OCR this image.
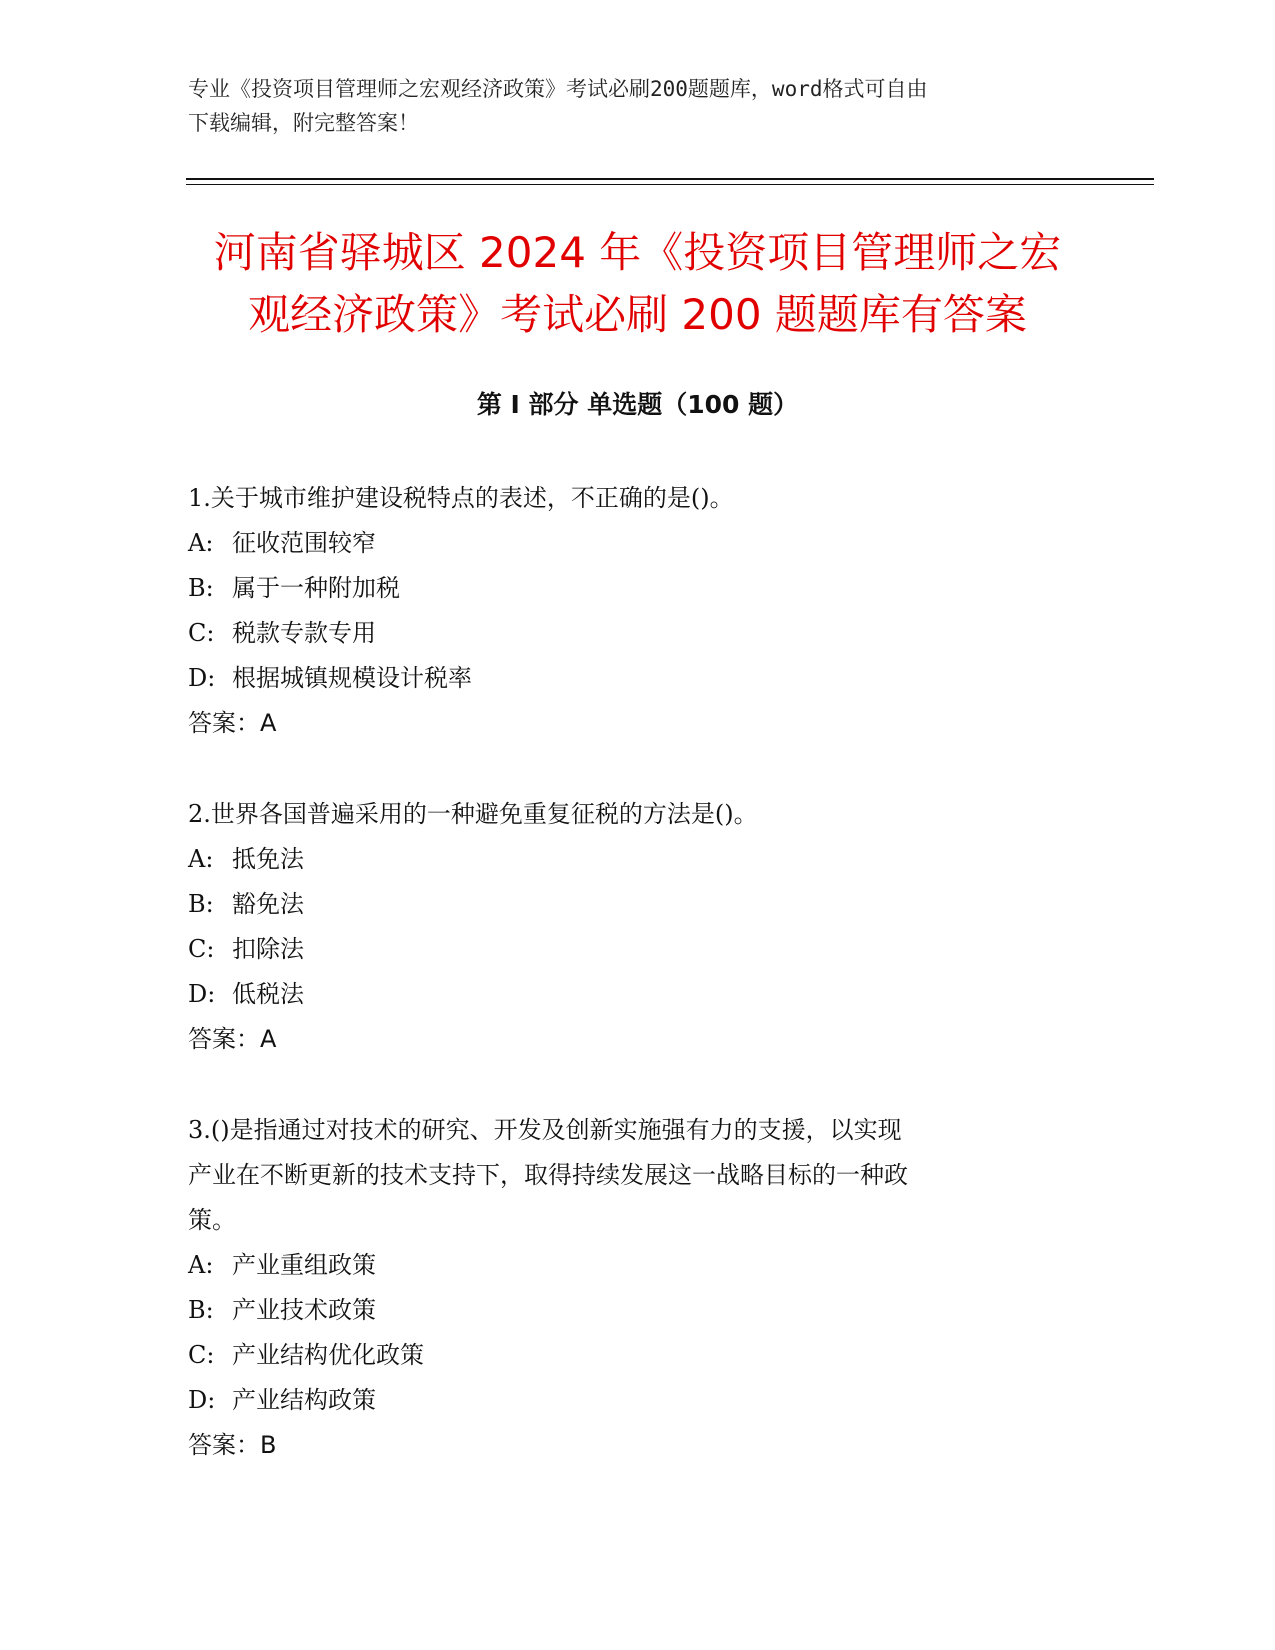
专业《投资项目管理师之宏观经济政策》考试必刷200题题库，word格式可自由
下载编辑，附完整答案！
河南省驿城区 2024 年《投资项目管理师之宏
观经济政策》考试必刷 200 题题库有答案
第 I 部分 单选题（100 题）
1.关于城市维护建设税特点的表述，不正确的是()。
A: 征收范围较窄
B: 属于一种附加税
C: 税款专款专用
D: 根据城镇规模设计税率
答案：A
2.世界各国普遍采用的一种避免重复征税的方法是()。
A: 抵免法
B: 豁免法
C: 扣除法
D: 低税法
答案：A
3.()是指通过对技术的研究、开发及创新实施强有力的支援，以实现
产业在不断更新的技术支持下，取得持续发展这一战略目标的一种政
策。
A: 产业重组政策
B: 产业技术政策
C: 产业结构优化政策
D: 产业结构政策
答案：B
